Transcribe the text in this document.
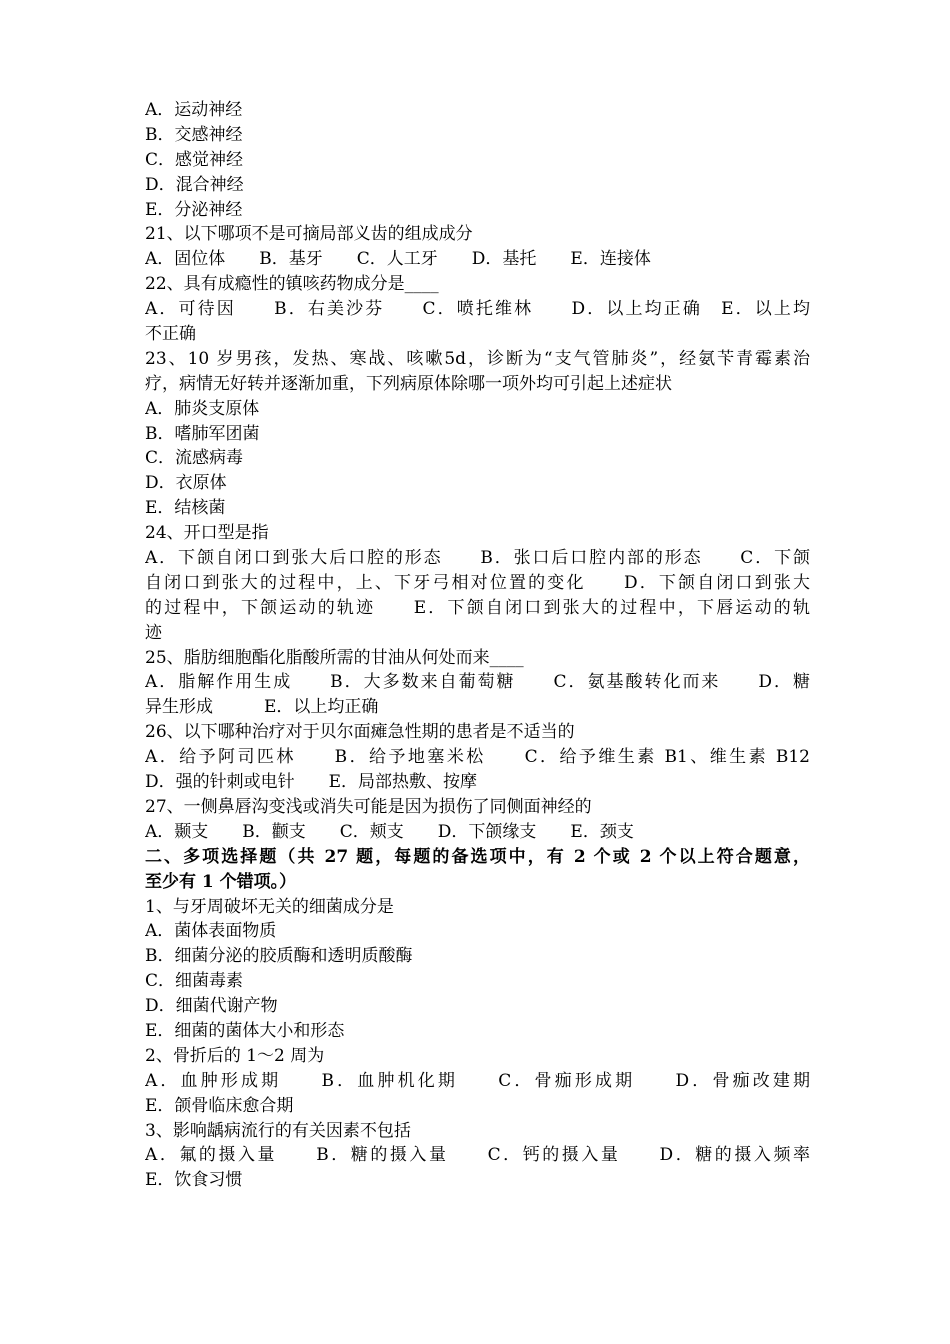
A．运动神经
B．交感神经
C．感觉神经
D．混合神经
E．分泌神经
21、以下哪项不是可摘局部义齿的组成成分
A．固位体　　B．基牙　　C．人工牙　　D．基托　　E．连接体
22、具有成瘾性的镇咳药物成分是____
A．可待因　　B．右美沙芬　　C．喷托维林　　D．以上均正确　E．以上均
不正确
23、10 岁男孩，发热、寒战、咳嗽5d，诊断为“支气管肺炎”，经氨苄青霉素治
疗，病情无好转并逐渐加重，下列病原体除哪一项外均可引起上述症状
A．肺炎支原体
B．嗜肺军团菌
C．流感病毒
D．衣原体
E．结核菌
24、开口型是指
A．下颌自闭口到张大后口腔的形态　　B．张口后口腔内部的形态　　C．下颌
自闭口到张大的过程中，上、下牙弓相对位置的变化　　D．下颌自闭口到张大
的过程中，下颌运动的轨迹　　E．下颌自闭口到张大的过程中，下唇运动的轨
迹
25、脂肪细胞酯化脂酸所需的甘油从何处而来____
A．脂解作用生成　　B．大多数来自葡萄糖　　C．氨基酸转化而来　　D．糖
异生形成　　　E．以上均正确
26、以下哪种治疗对于贝尔面瘫急性期的患者是不适当的
A．给予阿司匹林　　B．给予地塞米松　　C．给予维生素 B1、维生素 B12
D．强的针刺或电针　　E．局部热敷、按摩
27、一侧鼻唇沟变浅或消失可能是因为损伤了同侧面神经的
A．颞支　　B．颧支　　C．颊支　　D．下颌缘支　　E．颈支
二、多项选择题（共 27 题，每题的备选项中，有 2 个或 2 个以上符合题意，
至少有 1 个错项。）
1、与牙周破坏无关的细菌成分是
A．菌体表面物质
B．细菌分泌的胶质酶和透明质酸酶
C．细菌毒素
D．细菌代谢产物
E．细菌的菌体大小和形态
2、骨折后的 1～2 周为
A．血肿形成期　　B．血肿机化期　　C．骨痂形成期　　D．骨痂改建期
E．颌骨临床愈合期
3、影响龋病流行的有关因素不包括
A．氟的摄入量　　B．糖的摄入量　　C．钙的摄入量　　D．糖的摄入频率
E．饮食习惯
